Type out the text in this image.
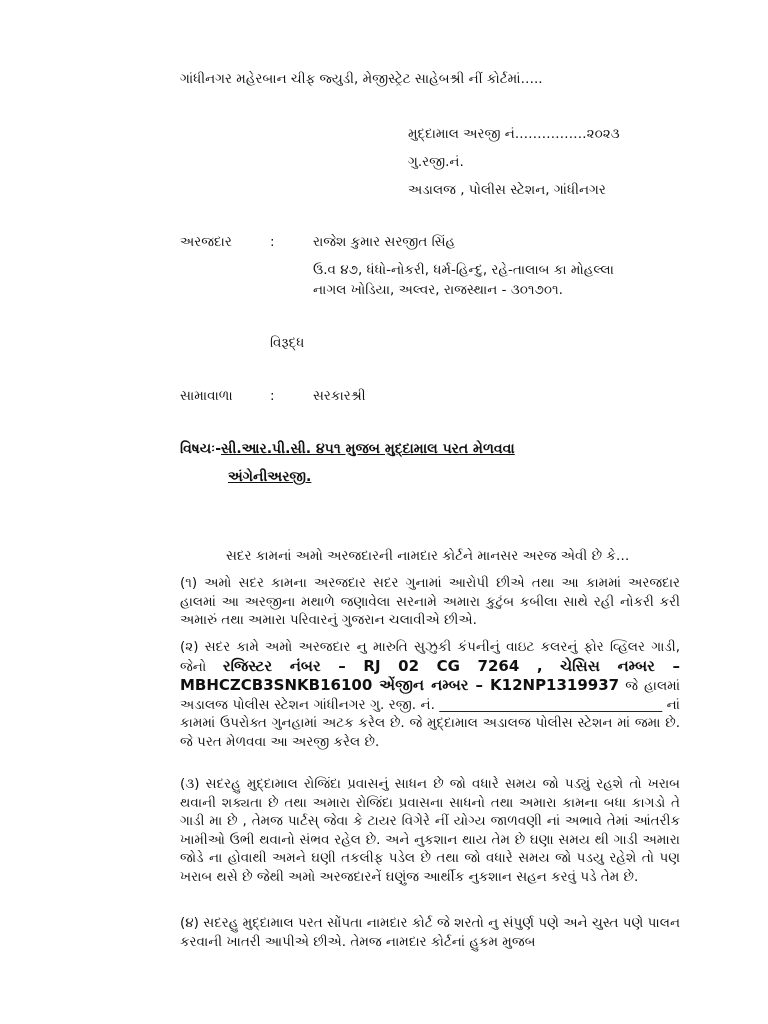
ગાંધીનગર મહેરબાન ચીફ જ્યુડી, મેજીસ્ટ્રેટ સાહેબશ્રી નીં કોર્ટમાં…..
મુદ્દામાલ અરજી નં.……………૨૦૨૩
ગુ.રજી.નં.
અડાલજ , પોલીસ સ્ટેશન, ગાંધીનગર
અરજદાર	:	રાજેશ કુમાર સરજીત સિંહ
ઉ.વ ૪૭, ધંધો-નોકરી, ધર્મ-હિન્દુ, રહે-તાલાબ કા મોહલ્લા
નાગલ ખોડિયા, અલ્વર, રાજસ્થાન - ૩૦૧૭૦૧.
વિરૂદ્ધ
સામાવાળા	:	સરકારશ્રી
વિષયઃ-સી.આર.પી.સી. ૪૫૧ મુજબ મુદ્દામાલ પરત મેળવવા
અંગેનીઅરજી.
સદર કામનાં અમો અરજદારની નામદાર કોર્ટને માનસર અરજ એવી છે કે…
(૧) અમો સદર કામના અરજદાર સદર ગુનામાં આરોપી છીએ તથા આ કામમાં અરજદાર હાલમાં આ અરજીના મથાળે જણાવેલા સરનામે અમારા કુટુંબ કબીલા સાથે રહી નોકરી કરી અમારું તથા અમારા પરિવારનું ગુજરાન ચલાવીએ છીએ.
(૨) સદર કામે અમો અરજદાર નુ મારુતિ સુઝુકી કંપનીનું વાઇટ કલરનું ફોર વ્હિલર ગાડી, જેનો રજિસ્ટર નંબર – RJ 02 CG 7264 , ચેસિસ નમ્બર – MBHCZCB3SNKB16100 એંજીન નમ્બર – K12NP1319937 જે હાલમાં અડાલજ પોલીસ સ્ટેશન ગાંધીનગર ગુ. રજી. નં. _________________________________ નાં કામમાં ઉપરોક્ત ગુનહામાં અટક કરેલ છે. જે મુદ્દામાલ અડાલજ પોલીસ સ્ટેશન માં જમા છે. જે પરત મેળવવા આ અરજી કરેલ છે.
(૩) સદરહુ મુદ્દામાલ રોજિંદા પ્રવાસનું સાધન છે જો વધારે સમય જો પડ્યું રહશે તો ખરાબ થવાની શક્યતા છે તથા અમારા રોજિંદા પ્રવાસના સાધનો તથા અમારા કામના બધા કાગડો તે ગાડી મા છે , તેમજ પાર્ટસ્ જેવા કે ટાયર વિગેરે નીં યોગ્ય જાળવણી નાં અભાવે તેમાં આંતરીક ખામીઓ ઉભી થવાનો સંભવ રહેલ છે. અને નુકશાન થાય તેમ છે ઘણા સમય થી ગાડી અમારા જોડે ના હોવાથી અમને ઘણી તકલીફ પડેલ છે તથા જો વધારે સમય જો પડયુ રહેશે તો પણ ખરાબ થસે છે જેથી અમો અરજદારનેં ઘણુંજ આર્થીક નુકશાન સહન કરવું પડે તેમ છે.
(૪) સદરહુ મુદ્દામાલ પરત સોંપતા નામદાર કોર્ટ જે શરતો નુ સંપુર્ણ પણે અને ચુસ્ત પણે પાલન કરવાની ખાતરી આપીએ છીએ. તેમજ નામદાર કોર્ટનાં હુકમ મુજબ
